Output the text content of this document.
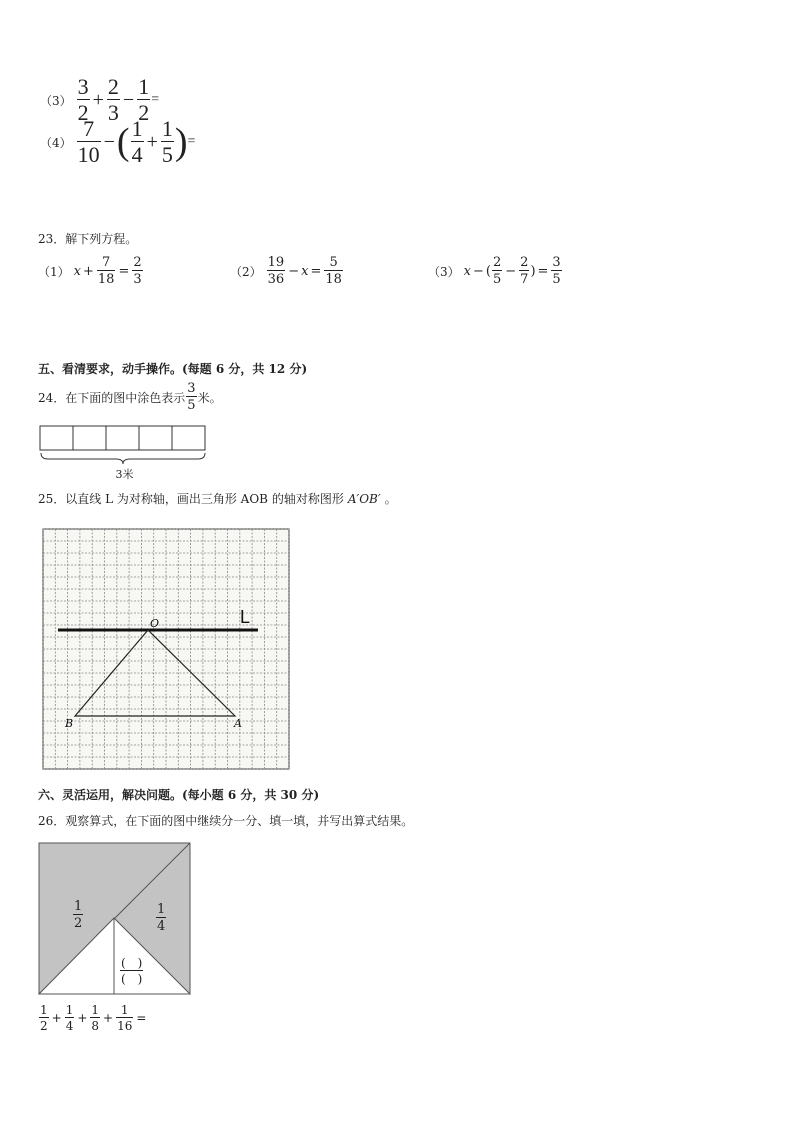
$(3) \frac{3}{2} + \frac{2}{3} - \frac{1}{2}$ =
$(4) \frac{7}{10}$ − ( $\frac{1}{4} + \frac{1}{5}$ ) =
23．解下列方程。
（1） $x + \frac{7}{18} = \frac{2}{3}$	$(2) \frac{19}{36} - x = \frac{5}{18}$	（3） x − ( $\frac{2}{5} - \frac{2}{7}$ ) = $\frac{3}{5}$
五、看清要求，动手操作。(每题 6 分，共 12 分)
24．在下面的图中涂色表示 $\frac{3}{5}$ 米。
3米
25．以直线 L 为对称轴，画出三角形 AOB 的轴对称图形 A′OB′ 。
L
O
B	A
六、灵活运用，解决问题。(每小题 6 分，共 30 分)
26．观察算式，在下面的图中继续分一分、填一填，并写出算式结果。
$\frac{1}{2}$	$\frac{1}{4}$
(　)
(　)
$\frac{1}{2} + \frac{1}{4} + \frac{1}{8} + \frac{1}{16}$ =
